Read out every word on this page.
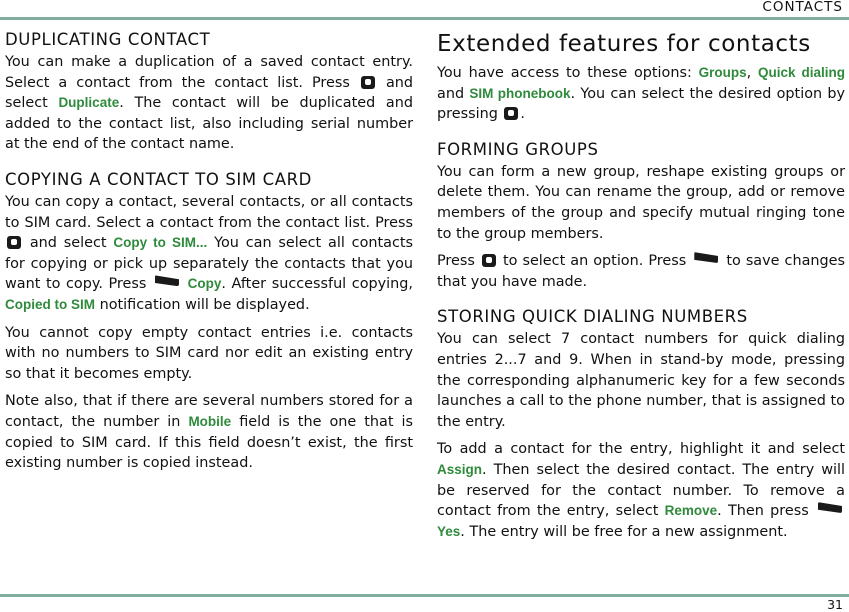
CONTACTS
DUPLICATING CONTACT

You can make a duplication of a saved contact entry. Select a contact from the contact list. Press	and select Duplicate. The contact will be duplicated and added to the contact list, also including serial number at the end of the contact name.

COPYING A CONTACT TO SIM CARD

You can copy a contact, several contacts, or all contacts to SIM card. Select a contact from the contact list. Press  and select Copy to SIM... You can select all contacts for copying or pick up separately the contacts that you want to copy. Press	Copy. After successful copying, Copied to SIM notification will be displayed.

You cannot copy empty contact entries i.e. contacts with no numbers to SIM card nor edit an existing entry so that it becomes empty.

Note also, that if there are several numbers stored for a contact, the number in Mobile field is the one that is copied to SIM card. If this field doesn’t exist, the first existing number is copied instead.

Extended features for contacts

You have access to these options: Groups, Quick dialing and SIM phonebook. You can select the desired option by pressing .

FORMING GROUPS

You can form a new group, reshape existing groups or delete them. You can rename the group, add or remove members of the group and specify mutual ringing tone to the group members.

Press to select an option. Press	to save changes that you have made.

STORING QUICK DIALING NUMBERS

You can select 7 contact numbers for quick dialing entries 2...7 and 9. When in stand-by mode, pressing the corresponding alphanumeric key for a few seconds launches a call to the phone number, that is assigned to the entry.

To add a contact for the entry, highlight it and select Assign. Then select the desired contact. The entry will be reserved for the contact number. To remove a contact from the entry, select Remove. Then press  Yes. The entry will be free for a new assignment.

31
